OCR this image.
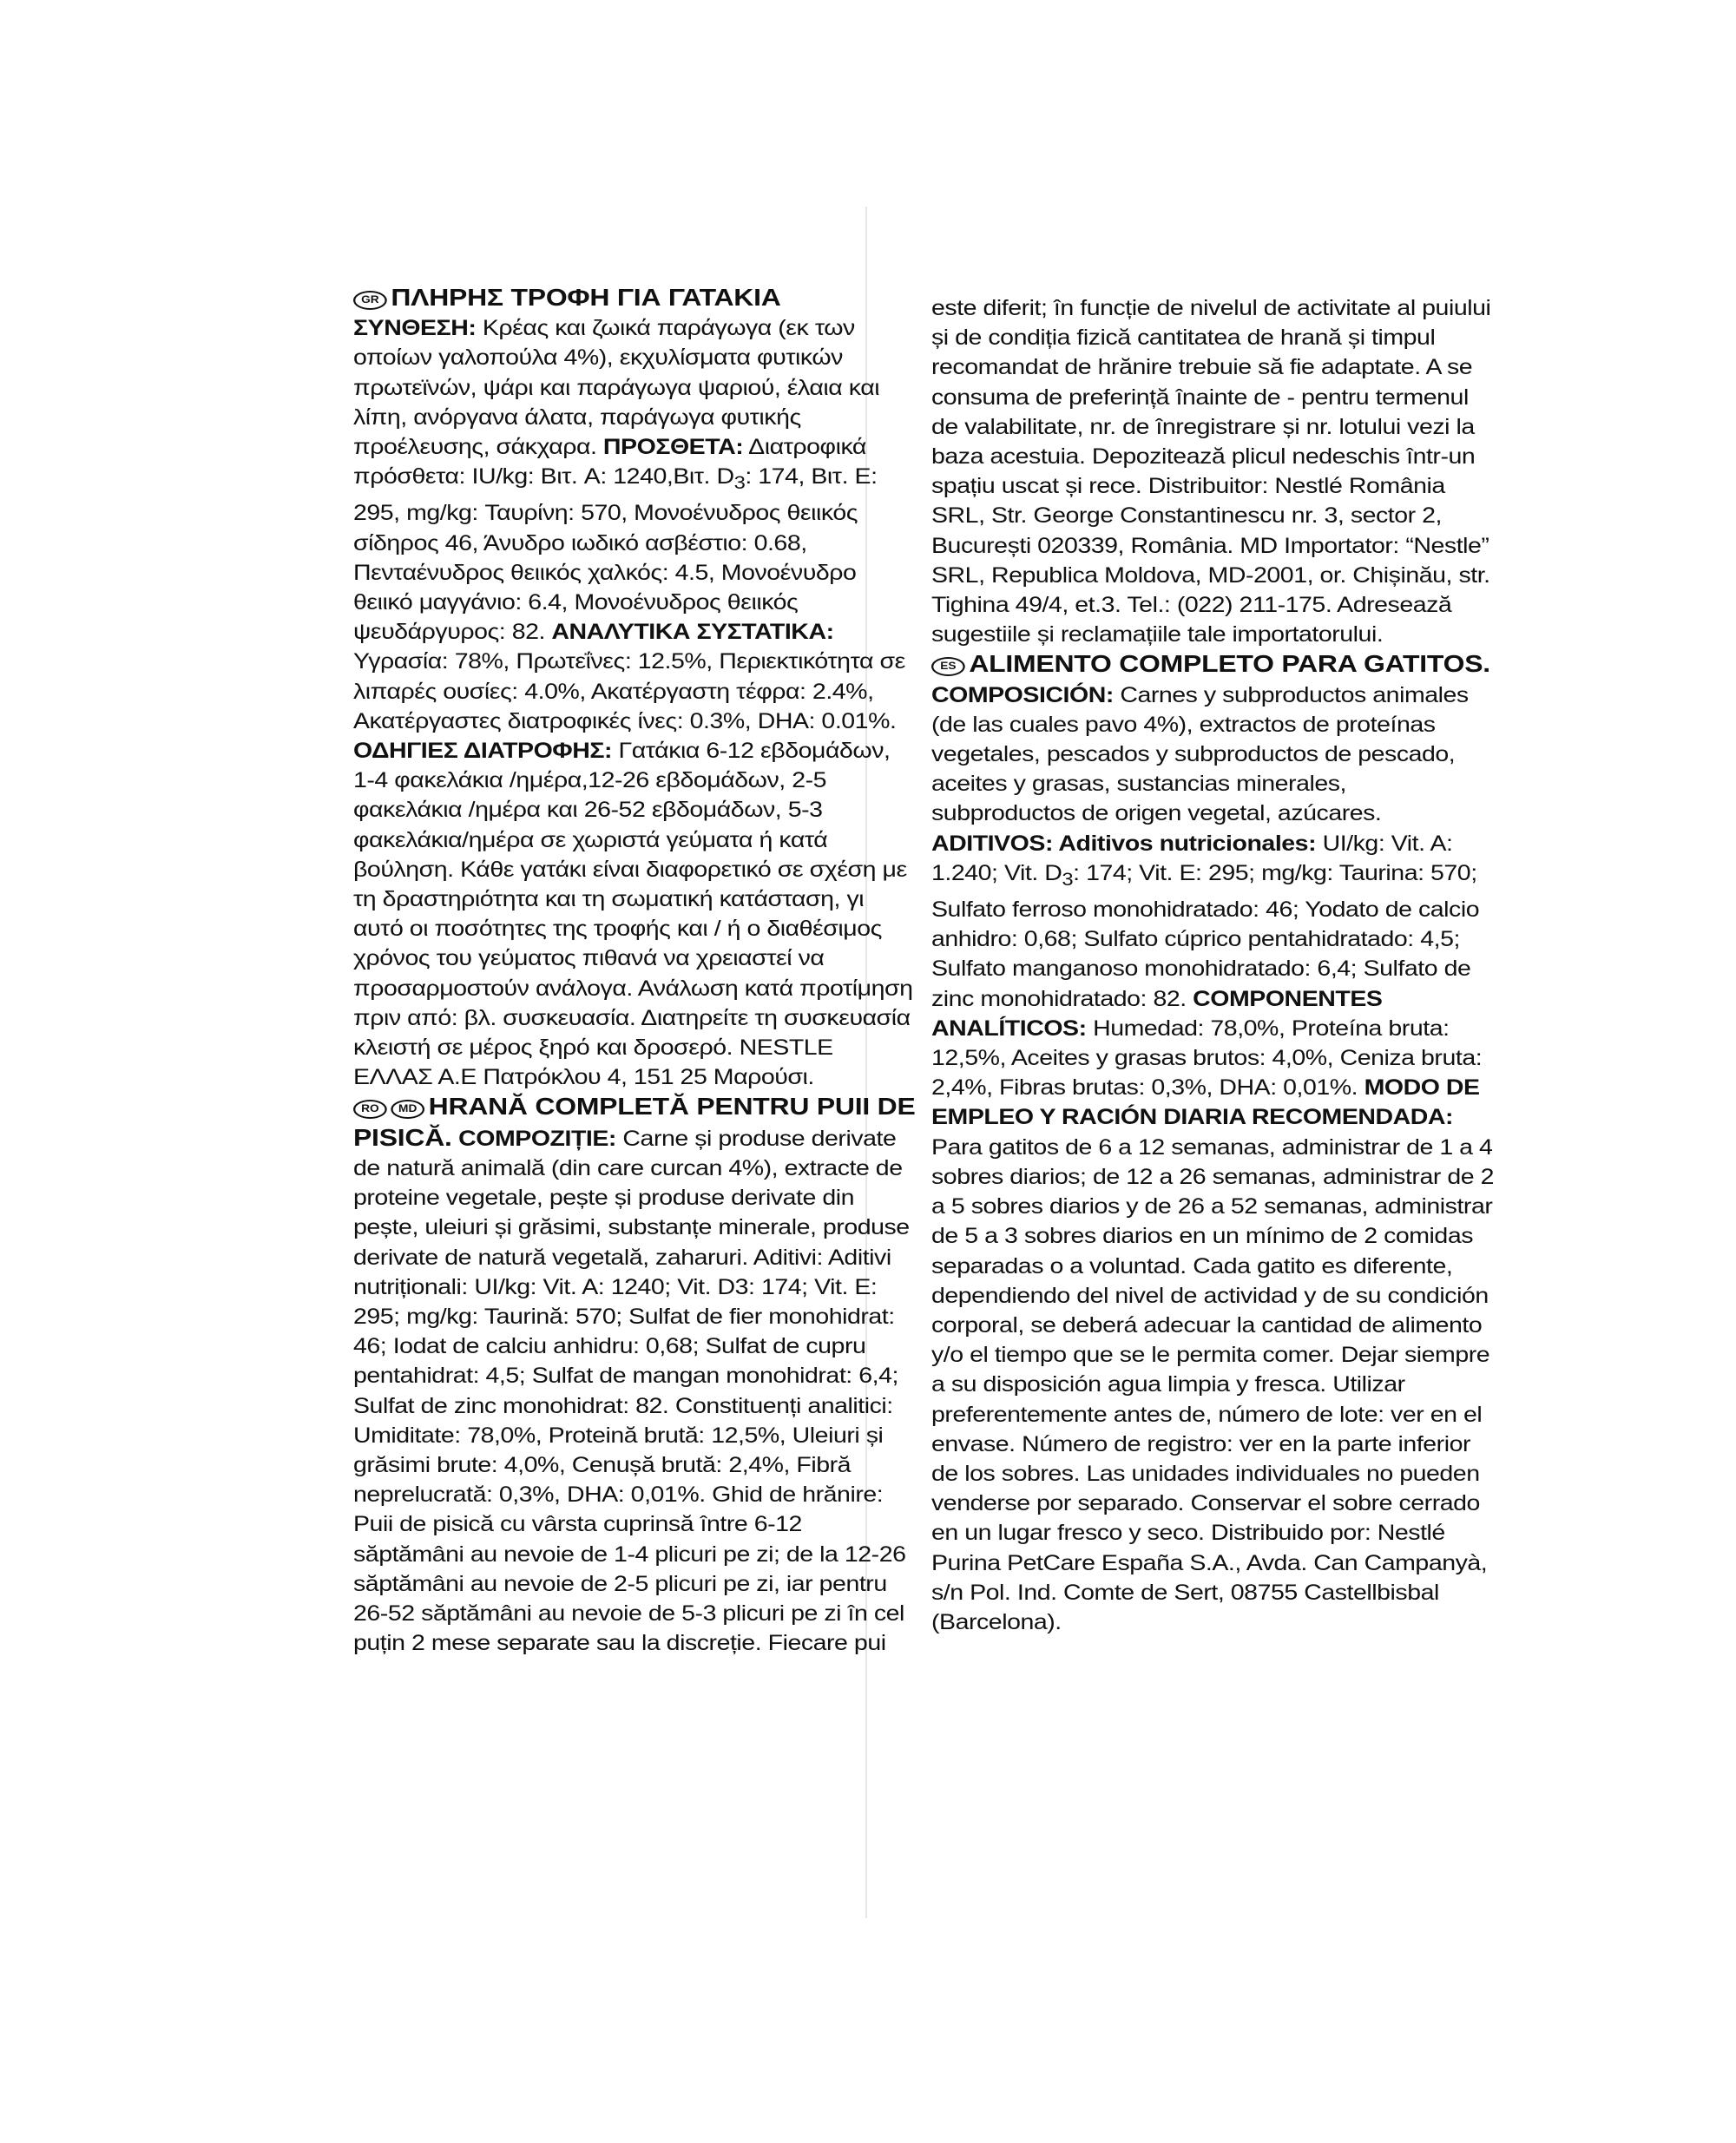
GR ΠΛΗΡΗΣ ΤΡΟΦΗ ΓΙΑ ΓΑΤΑΚΙΑ
ΣΥΝΘΕΣΗ: Κρέας και ζωικά παράγωγα (εκ των οποίων γαλοπούλα 4%), εκχυλίσματα φυτικών πρωτεϊνών, ψάρι και παράγωγα ψαριού, έλαια και λίπη, ανόργανα άλατα, παράγωγα φυτικής προέλευσης, σάκχαρα. ΠΡΟΣΘΕΤΑ: Διατροφικά πρόσθετα: IU/kg: Βιτ. A: 1240,Βιτ. $D_3$: 174, Βιτ. E: 295, mg/kg: Ταυρίνη: 570, Μονοένυδρος θειικός σίδηρος 46, Άνυδρο ιωδικό ασβέστιο: 0.68, Πενταένυδρος θειικός χαλκός: 4.5, Μονοένυδρο θειικό μαγγάνιο: 6.4, Μονοένυδρος θειικός ψευδάργυρος: 82. ΑΝΑΛΥΤΙΚΑ ΣΥΣΤΑΤΙΚΑ: Υγρασία: 78%, Πρωτεΐνες: 12.5%, Περιεκτικότητα σε λιπαρές ουσίες: 4.0%, Ακατέργαστη τέφρα: 2.4%, Ακατέργαστες διατροφικές ίνες: 0.3%, DHA: 0.01%. ΟΔΗΓΙΕΣ ΔΙΑΤΡΟΦΗΣ: Γατάκια 6-12 εβδομάδων, 1-4 φακελάκια /ημέρα,12-26 εβδομάδων, 2-5 φακελάκια /ημέρα και 26-52 εβδομάδων, 5-3 φακελάκια/ημέρα σε χωριστά γεύματα ή κατά βούληση. Κάθε γατάκι είναι διαφορετικό σε σχέση με τη δραστηριότητα και τη σωματική κατάσταση, γι αυτό οι ποσότητες της τροφής και / ή ο διαθέσιμος χρόνος του γεύματος πιθανά να χρειαστεί να προσαρμοστούν ανάλογα. Ανάλωση κατά προτίμηση πριν από: βλ. συσκευασία. Διατηρείτε τη συσκευασία κλειστή σε μέρος ξηρό και δροσερό. NESTLE ΕΛΛΑΣ Α.Ε Πατρόκλου 4, 151 25 Μαρούσι.

RO MD HRANĂ COMPLETĂ PENTRU PUII DE PISICĂ. COMPOZIȚIE: Carne și produse derivate de natură animală (din care curcan 4%), extracte de proteine vegetale, pește și produse derivate din pește, uleiuri și grăsimi, substanțe minerale, produse derivate de natură vegetală, zaharuri. Aditivi: Aditivi nutriționali: UI/kg: Vit. A: 1240; Vit. D3: 174; Vit. E: 295; mg/kg: Taurină: 570; Sulfat de fier monohidrat: 46; Iodat de calciu anhidru: 0,68; Sulfat de cupru pentahidrat: 4,5; Sulfat de mangan monohidrat: 6,4; Sulfat de zinc monohidrat: 82. Constituenți analitici: Umiditate: 78,0%, Proteină brută: 12,5%, Uleiuri și grăsimi brute: 4,0%, Cenușă brută: 2,4%, Fibră neprelucrată: 0,3%, DHA: 0,01%. Ghid de hrănire: Puii de pisică cu vârsta cuprinsă între 6-12 săptămâni au nevoie de 1-4 plicuri pe zi; de la 12-26 săptămâni au nevoie de 2-5 plicuri pe zi, iar pentru 26-52 săptămâni au nevoie de 5-3 plicuri pe zi în cel puțin 2 mese separate sau la discreție. Fiecare pui

este diferit; în funcție de nivelul de activitate al puiului și de condiția fizică cantitatea de hrană și timpul recomandat de hrănire trebuie să fie adaptate. A se consuma de preferință înainte de - pentru termenul de valabilitate, nr. de înregistrare și nr. lotului vezi la baza acestuia. Depozitează plicul nedeschis într-un spațiu uscat și rece. Distribuitor: Nestlé România SRL, Str. George Constantinescu nr. 3, sector 2, București 020339, România. MD Importator: “Nestle” SRL, Republica Moldova, MD-2001, or. Chișinău, str. Tighina 49/4, et.3. Tel.: (022) 211-175. Adresează sugestiile și reclamațiile tale importatorului.

ES ALIMENTO COMPLETO PARA GATITOS. COMPOSICIÓN: Carnes y subproductos animales (de las cuales pavo 4%), extractos de proteínas vegetales, pescados y subproductos de pescado, aceites y grasas, sustancias minerales, subproductos de origen vegetal, azúcares. ADITIVOS: Aditivos nutricionales: UI/kg: Vit. A: 1.240; Vit. $D_3$: 174; Vit. E: 295; mg/kg: Taurina: 570; Sulfato ferroso monohidratado: 46; Yodato de calcio anhidro: 0,68; Sulfato cúprico pentahidratado: 4,5; Sulfato manganoso monohidratado: 6,4; Sulfato de zinc monohidratado: 82. COMPONENTES ANALÍTICOS: Humedad: 78,0%, Proteína bruta: 12,5%, Aceites y grasas brutos: 4,0%, Ceniza bruta: 2,4%, Fibras brutas: 0,3%, DHA: 0,01%. MODO DE EMPLEO Y RACIÓN DIARIA RECOMENDADA: Para gatitos de 6 a 12 semanas, administrar de 1 a 4 sobres diarios; de 12 a 26 semanas, administrar de 2 a 5 sobres diarios y de 26 a 52 semanas, administrar de 5 a 3 sobres diarios en un mínimo de 2 comidas separadas o a voluntad. Cada gatito es diferente, dependiendo del nivel de actividad y de su condición corporal, se deberá adecuar la cantidad de alimento y/o el tiempo que se le permita comer. Dejar siempre a su disposición agua limpia y fresca. Utilizar preferentemente antes de, número de lote: ver en el envase. Número de registro: ver en la parte inferior de los sobres. Las unidades individuales no pueden venderse por separado. Conservar el sobre cerrado en un lugar fresco y seco. Distribuido por: Nestlé Purina PetCare España S.A., Avda. Can Campanyà, s/n Pol. Ind. Comte de Sert, 08755 Castellbisbal (Barcelona).
